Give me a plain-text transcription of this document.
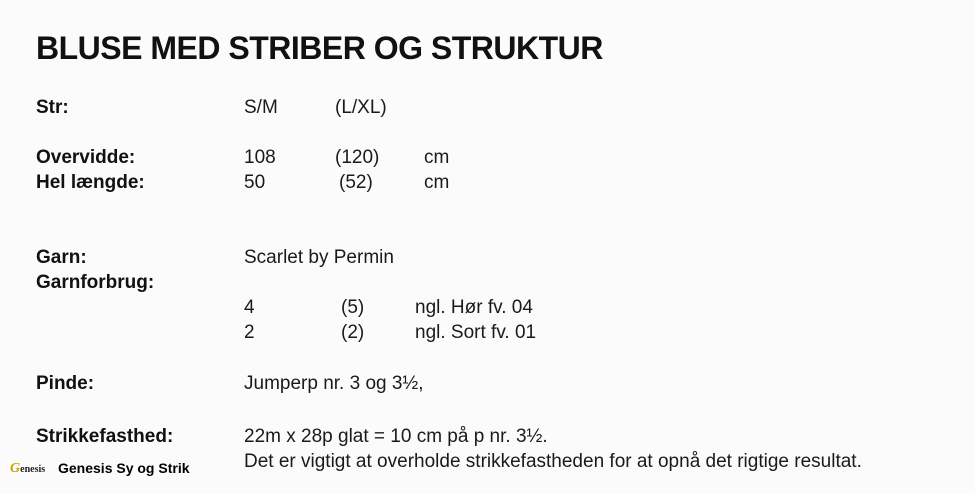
BLUSE MED STRIBER OG STRUKTUR
Str:	S/M	(L/XL)
Overvidde:	108	(120) cm
Hel længde:	50	(52)	cm
Garn:	Scarlet by Permin
Garnforbrug:
4	(5)	ngl. Hør fv. 04
2	(2)	ngl. Sort fv. 01
Pinde:	Jumperp nr. 3 og 3½,
Strikkefasthed:	22m x 28p glat = 10 cm på p nr. 3½.
Det er vigtigt at overholde strikkefastheden for at opnå det rigtige resultat.
Genesis Genesis Sy og Strik
